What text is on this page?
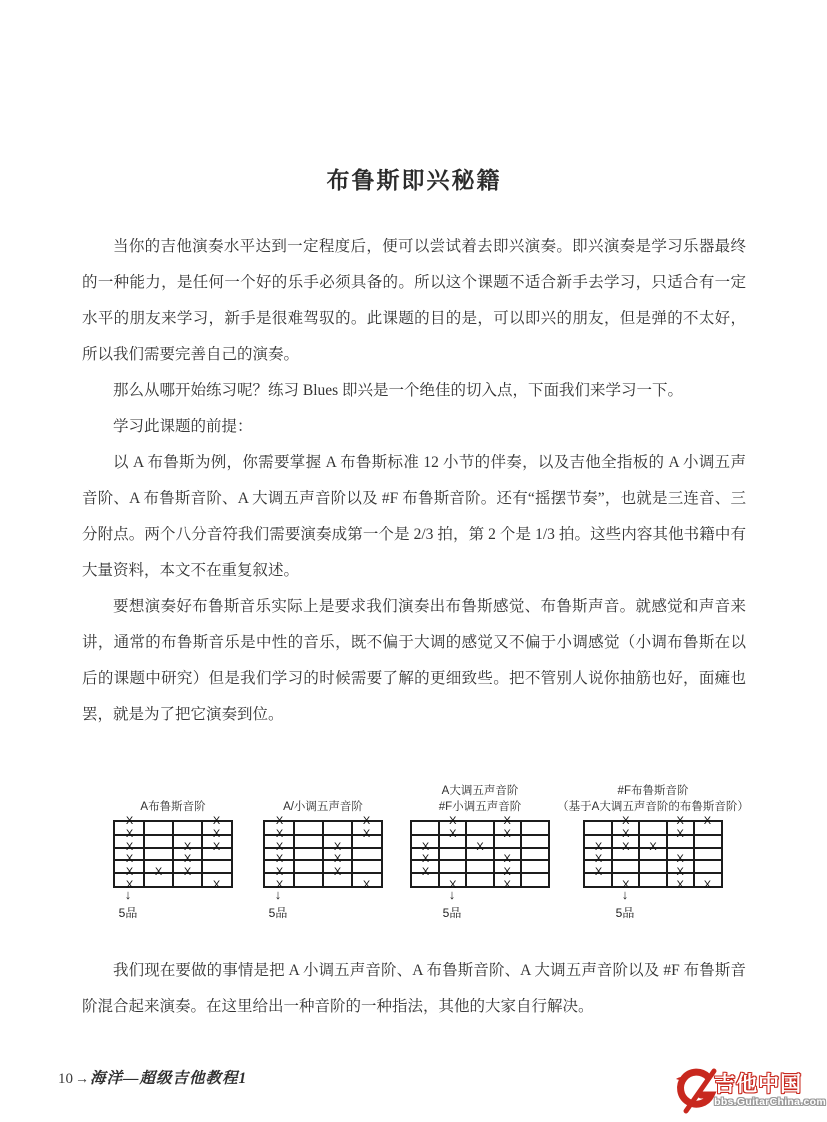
布鲁斯即兴秘籍

当你的吉他演奏水平达到一定程度后，便可以尝试着去即兴演奏。即兴演奏是学习乐器最终的一种能力，是任何一个好的乐手必须具备的。所以这个课题不适合新手去学习，只适合有一定水平的朋友来学习，新手是很难驾驭的。此课题的目的是，可以即兴的朋友，但是弹的不太好，所以我们需要完善自己的演奏。

那么从哪开始练习呢？练习 Blues 即兴是一个绝佳的切入点，下面我们来学习一下。

学习此课题的前提：

以 A 布鲁斯为例，你需要掌握 A 布鲁斯标准 12 小节的伴奏，以及吉他全指板的 A 小调五声音阶、A 布鲁斯音阶、A 大调五声音阶以及 #F 布鲁斯音阶。还有“摇摆节奏”，也就是三连音、三分附点。两个八分音符我们需要演奏成第一个是 2/3 拍，第 2 个是 1/3 拍。这些内容其他书籍中有大量资料，本文不在重复叙述。

要想演奏好布鲁斯音乐实际上是要求我们演奏出布鲁斯感觉、布鲁斯声音。就感觉和声音来讲，通常的布鲁斯音乐是中性的音乐，既不偏于大调的感觉又不偏于小调感觉（小调布鲁斯在以后的课题中研究）但是我们学习的时候需要了解的更细致些。把不管别人说你抽筋也好，面瘫也罢，就是为了把它演奏到位。

A布鲁斯音阶
X	X
X	X
X	X X
X	X
X X X
X	X
↓
5品
A/小调五声音阶
X	X
X	X
X	X
X	X
X	X
X	X
↓
5品
A大调五声音阶
#F小调五声音阶
X	X
X	X
X	X
X	X
X	X
X	X
↓
5品
#F布鲁斯音阶
（基于A大调五声音阶的布鲁斯音阶）
X	X X
X	X
X X X
X	X
X	X
X	X X
↓
5品

我们现在要做的事情是把 A 小调五声音阶、A 布鲁斯音阶、A 大调五声音阶以及 #F 布鲁斯音阶混合起来演奏。在这里给出一种音阶的一种指法，其他的大家自行解决。

10 → 海洋—超级吉他教程1	吉他中国
bbs.GuitarChina.com
